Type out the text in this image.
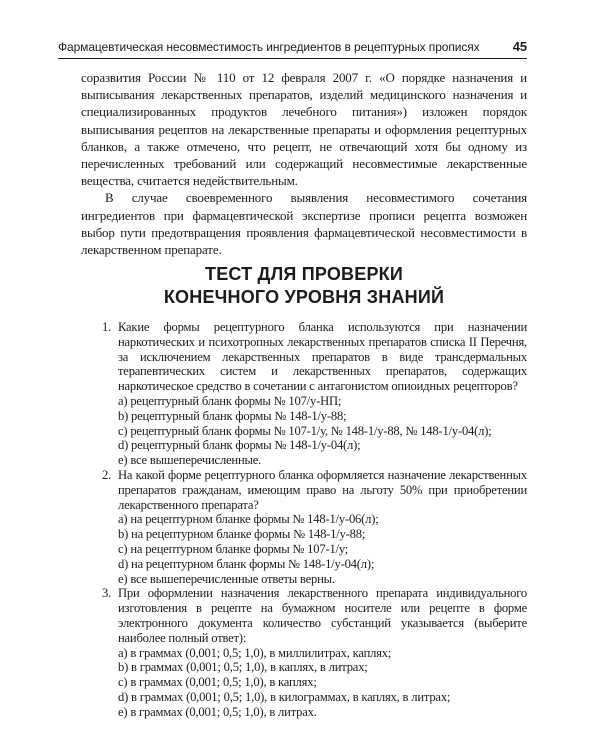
Фармацевтическая несовместимость ингредиентов в рецептурных прописях	45

соразвития России № 110 от 12 февраля 2007 г. «О порядке назначения и выписывания лекарственных препаратов, изделий медицинского назначения и специализированных продуктов лечебного питания») изложен порядок выписывания рецептов на лекарственные препараты и оформления рецептурных бланков, а также отмечено, что рецепт, не отвечающий хотя бы одному из перечисленных требований или содержащий несовместимые лекарственные вещества, считается недействительным.

В случае своевременного выявления несовместимого сочетания ингредиентов при фармацевтической экспертизе прописи рецепта возможен выбор пути предотвращения проявления фармацевтической несовместимости в лекарственном препарате.

ТЕСТ ДЛЯ ПРОВЕРКИ
КОНЕЧНОГО УРОВНЯ ЗНАНИЙ
1. Какие формы рецептурного бланка используются при назначении наркотических и психотропных лекарственных препаратов списка II Перечня, за исключением лекарственных препаратов в виде трансдермальных терапевтических систем и лекарственных препаратов, содержащих наркотическое средство в сочетании с антагонистом опиоидных рецепторов?
а) рецептурный бланк формы № 107/у-НП;
b) рецептурный бланк формы № 148-1/у-88;
с) рецептурный бланк формы № 107-1/у, № 148-1/у-88, № 148-1/у-04(л);
d) рецептурный бланк формы № 148-1/у-04(л);
е) все вышеперечисленные.
2. На какой форме рецептурного бланка оформляется назначение лекарственных препаратов гражданам, имеющим право на льготу 50% при приобретении лекарственного препарата?
а) на рецептурном бланке формы № 148-1/у-06(л);
b) на рецептурном бланке формы № 148-1/у-88;
с) на рецептурном бланке формы № 107-1/у;
d) на рецептурном бланк формы № 148-1/у-04(л);
е) все вышеперечисленные ответы верны.
3. При оформлении назначения лекарственного препарата индивидуального изготовления в рецепте на бумажном носителе или рецепте в форме электронного документа количество субстанций указывается (выберите наиболее полный ответ):
а) в граммах (0,001; 0,5; 1,0), в миллилитрах, каплях;
b) в граммах (0,001; 0,5; 1,0), в каплях, в литрах;
с) в граммах (0,001; 0,5; 1,0), в каплях;
d) в граммах (0,001; 0,5; 1,0), в килограммах, в каплях, в литрах;
е) в граммах (0,001; 0,5; 1,0), в литрах.
